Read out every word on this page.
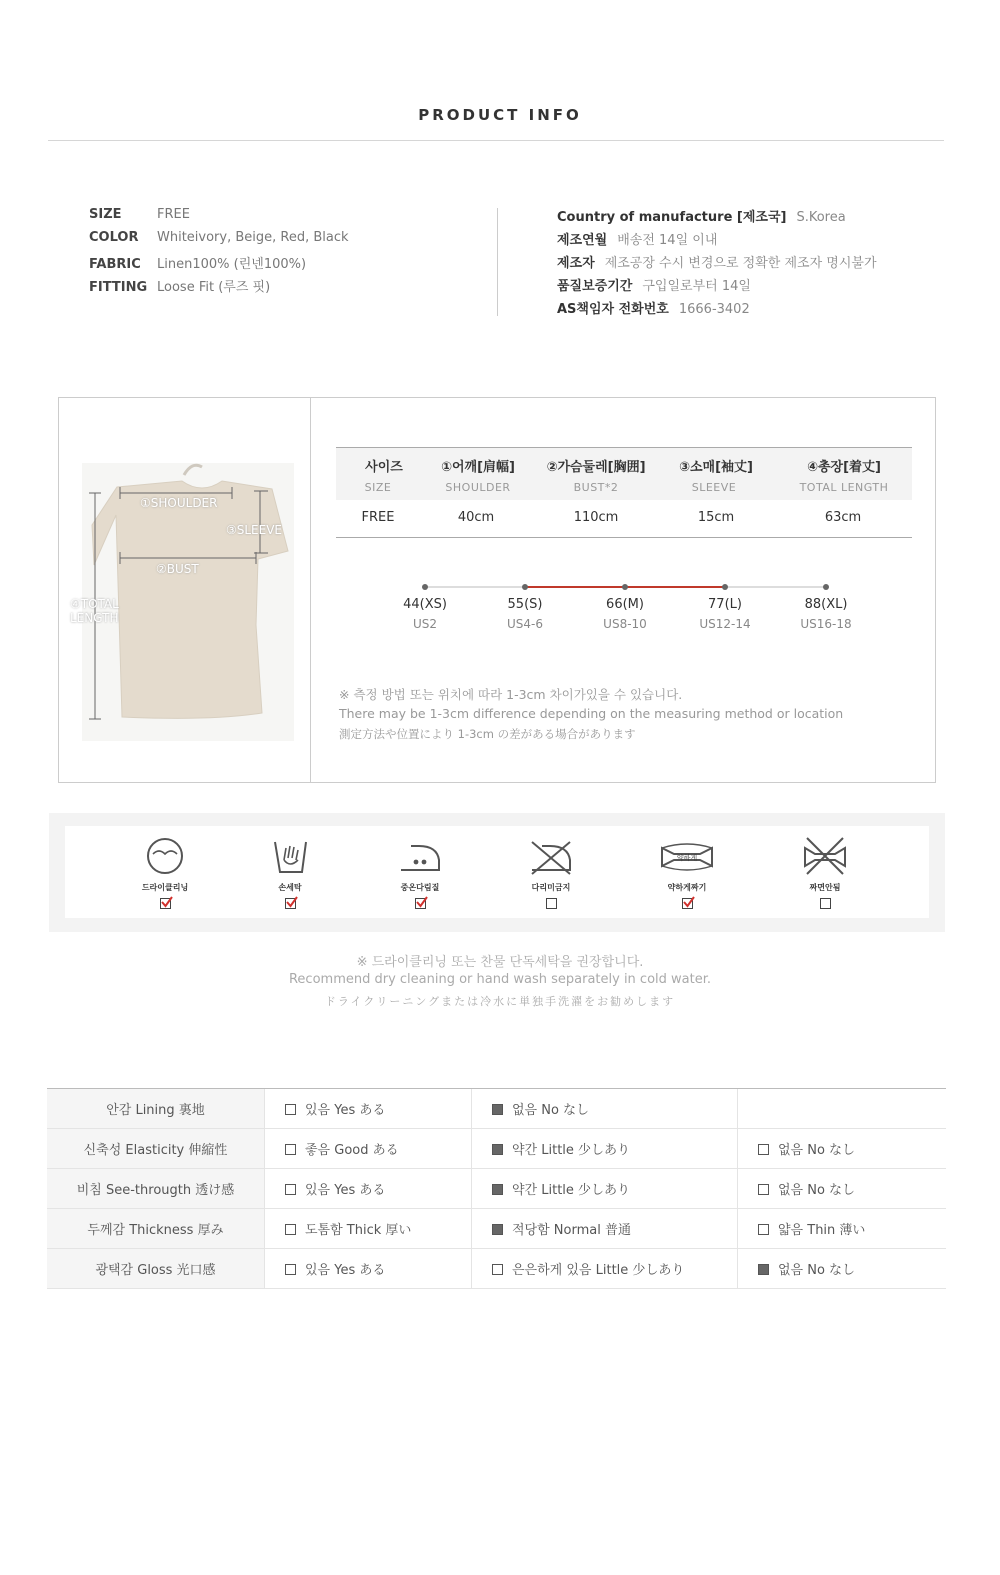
PRODUCT INFO
SIZE	FREE
COLOR Whiteivory, Beige, Red, Black
FABRIC Linen100% (린넨100%)
FITTING Loose Fit (루즈 핏)
Country of manufacture [제조국] S.Korea
제조연월 배송전 14일 이내
제조자 제조공장 수시 변경으로 정확한 제조자 명시불가
품질보증기간 구입일로부터 14일
AS책임자 전화번호 1666-3402
①SHOULDER
③SLEEVE
②BUST
④TOTAL
LENGTH
사이즈	①어깨[肩幅]	②가슴둘레[胸囲]	③소매[袖丈]	④총장[着丈]
SIZE	SHOULDER	BUST*2	SLEEVE	TOTAL LENGTH
FREE	40cm	110cm	15cm	63cm
44(XS)	55(S)	66(M)	77(L)	88(XL)
US2	US4-6	US8-10	US12-14	US16-18
※ 측정 방법 또는 위치에 따라 1-3cm 차이가있을 수 있습니다.
There may be 1-3cm difference depending on the measuring method or location
測定方法や位置により 1-3cm の差がある場合があります
드라이클리닝	손세탁	중온다림질	다리미금지
약하게
약하게짜기	짜면안됨
※ 드라이클리닝 또는 찬물 단독세탁을 권장합니다.
Recommend dry cleaning or hand wash separately in cold water.
ドライクリーニングまたは冷水に単独手洗濯をお勧めします
안감 Lining 裏地	있음 Yes ある	없음 No なし	
신축성 Elasticity 伸縮性	좋음 Good ある	약간 Little 少しあり	없음 No なし
비침 See-througth 透け感	있음 Yes ある	약간 Little 少しあり	없음 No なし
두께감 Thickness 厚み	도톰함 Thick 厚い	적당함 Normal 普通	얇음 Thin 薄い
광택감 Gloss 光口感	있음 Yes ある	은은하게 있음 Little 少しあり	없음 No なし
